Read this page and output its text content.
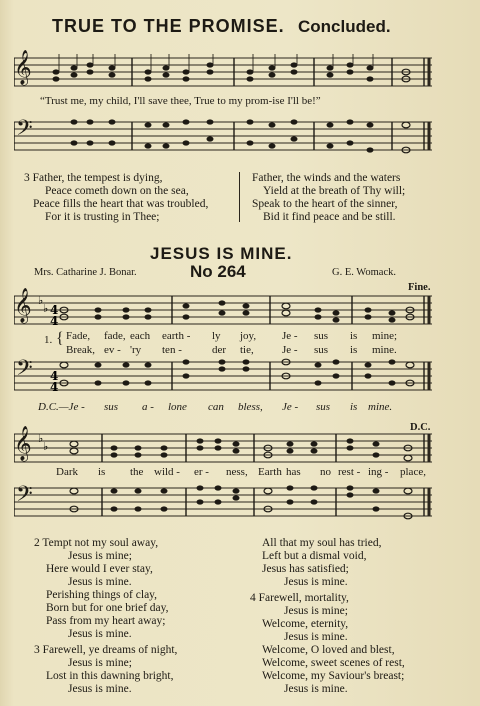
TRUE TO THE PROMISE. Concluded.
𝄞
“Trust me, my child, I'll save thee, True to my prom-ise I'll be!”
𝄢
3 Father, the tempest is dying,
Peace cometh down on the sea,
Peace fills the heart that was troubled,
For it is trusting in Thee;
Father, the winds and the waters
Yield at the breath of Thy will;
Speak to the heart of the sinner,
Bid it find peace and be still.
JESUS IS MINE.
Mrs. Catharine J. Bonar.	No 264	G. E. Womack.
Fine.
4
4
♭
♭
𝄞
1. { Fade, fade, each earth - ly joy, Je - sus is mine;
Break, ev - 'ry ten -	der tie,	Je - sus is mine.
4
4
𝄢
D.C.—Je - sus a - lone can bless, Je - sus is mine.
D.C.
♭
♭
𝄞
Dark is the wild - er - ness, Earth has no rest - ing - place,
𝄢
2 Tempt not my soul away,
Jesus is mine;
Here would I ever stay,
Jesus is mine.
Perishing things of clay,
Born but for one brief day,
Pass from my heart away;
Jesus is mine.
3 Farewell, ye dreams of night,
Jesus is mine;
Lost in this dawning bright,
Jesus is mine.
All that my soul has tried,
Left but a dismal void,
Jesus has satisfied;
Jesus is mine.
4 Farewell, mortality,
Jesus is mine;
Welcome, eternity,
Jesus is mine.
Welcome, O loved and blest,
Welcome, sweet scenes of rest,
Welcome, my Saviour's breast;
Jesus is mine.
